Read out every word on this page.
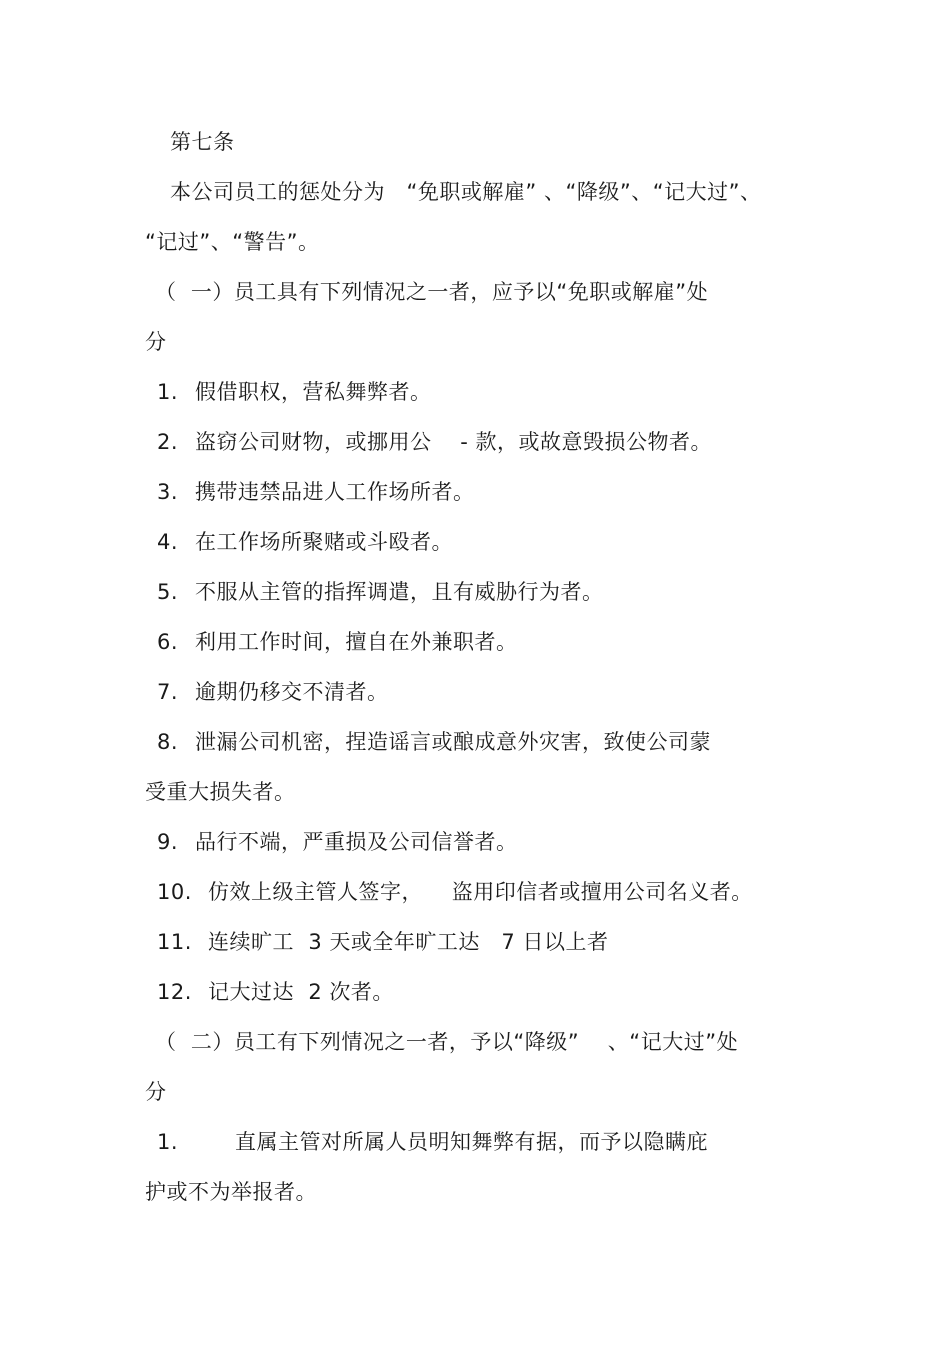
第七条
本公司员工的惩处分为   “免职或解雇” 、“降级”、“记大过”、
“记过”、“警告”。
（  一）员工具有下列情况之一者，应予以“免职或解雇”处
分
1. 假借职权，营私舞弊者。
2. 盗窃公司财物，或挪用公    - 款，或故意毁损公物者。
3. 携带违禁品进人工作场所者。
4. 在工作场所聚赌或斗殴者。
5. 不服从主管的指挥调遣，且有威胁行为者。
6. 利用工作时间，擅自在外兼职者。
7. 逾期仍移交不清者。
8. 泄漏公司机密，捏造谣言或酿成意外灾害，致使公司蒙
受重大损失者。
9. 品行不端，严重损及公司信誉者。
10. 仿效上级主管人签字，    盗用印信者或擅用公司名义者。
11. 连续旷工  3 天或全年旷工达   7 日以上者
12. 记大过达  2 次者。
（  二）员工有下列情况之一者，予以“降级”    、“记大过”处
分
1.	直属主管对所属人员明知舞弊有据，而予以隐瞒庇
护或不为举报者。
